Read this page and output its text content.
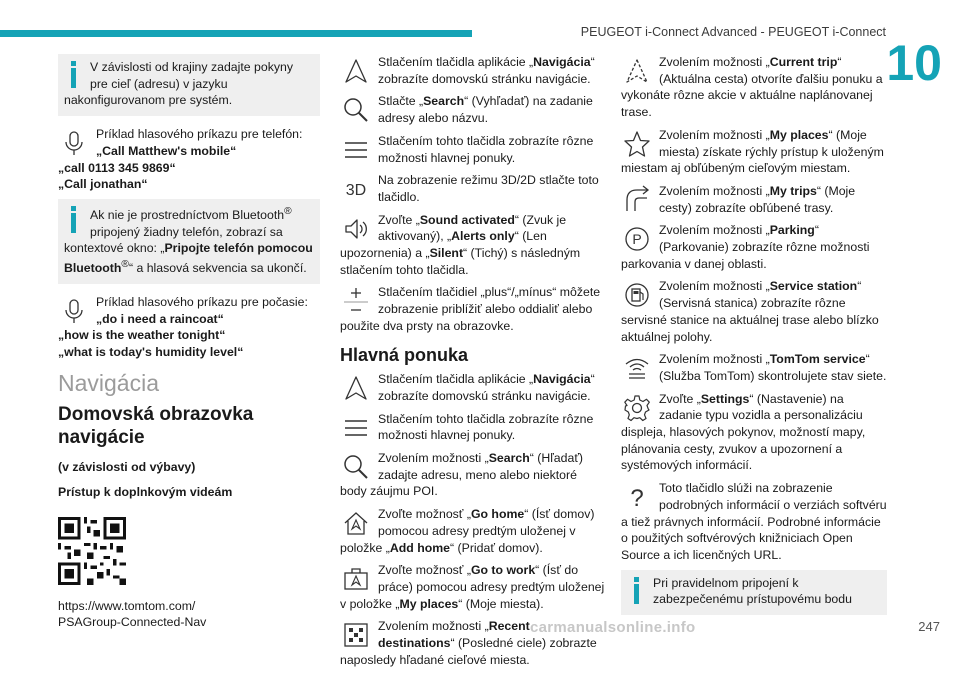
PEUGEOT i-Connect Advanced - PEUGEOT i-Connect
10
V závislosti od krajiny zadajte pokyny pre cieľ (adresu) v jazyku nakonfigurovanom pre systém.
Príklad hlasového príkazu pre telefón:
„Call Matthew's mobile“
„call 0113 345 9869“
„Call jonathan“
Ak nie je prostredníctvom Bluetooth® pripojený žiadny telefón, zobrazí sa kontextové okno: „Pripojte telefón pomocou Bluetooth®“ a hlasová sekvencia sa ukončí.
Príklad hlasového príkazu pre počasie:
„do i need a raincoat“
„how is the weather tonight“
„what is today's humidity level“
Navigácia
Domovská obrazovka navigácie
(v závislosti od výbavy)
Prístup k doplnkovým videám
https://www.tomtom.com/
PSAGroup-Connected-Nav
Stlačením tlačidla aplikácie „Navigácia“ zobrazíte domovskú stránku navigácie.
Stlačte „Search“ (Vyhľadať) na zadanie adresy alebo názvu.
Stlačením tohto tlačidla zobrazíte rôzne možnosti hlavnej ponuky.
3D
Na zobrazenie režimu 3D/2D stlačte toto tlačidlo.
Zvoľte „Sound activated“ (Zvuk je aktivovaný), „Alerts only“ (Len upozornenia) a „Silent“ (Tichý) s následným stlačením tohto tlačidla.
Stlačením tlačidiel „plus“/„mínus“ môžete zobrazenie priblížiť alebo oddialiť alebo použite dva prsty na obrazovke.
Hlavná ponuka
Stlačením tlačidla aplikácie „Navigácia“ zobrazíte domovskú stránku navigácie.
Stlačením tohto tlačidla zobrazíte rôzne možnosti hlavnej ponuky.
Zvolením možnosti „Search“ (Hľadať) zadajte adresu, meno alebo niektoré body záujmu POI.
Zvoľte možnosť „Go home“ (Ísť domov) pomocou adresy predtým uloženej v položke „Add home“ (Pridať domov).
Zvoľte možnosť „Go to work“ (Ísť do práce) pomocou adresy predtým uloženej v položke „My places“ (Moje miesta).
Zvolením možnosti „Recent destinations“ (Posledné ciele) zobrazte naposledy hľadané cieľové miesta.
Zvolením možnosti „Current trip“ (Aktuálna cesta) otvoríte ďalšiu ponuku a vykonáte rôzne akcie v aktuálne naplánovanej trase.
Zvolením možnosti „My places“ (Moje miesta) získate rýchly prístup k uloženým miestam aj obľúbeným cieľovým miestam.
Zvolením možnosti „My trips“ (Moje cesty) zobrazíte obľúbené trasy.
P
Zvolením možnosti „Parking“ (Parkovanie) zobrazíte rôzne možnosti parkovania v danej oblasti.
Zvolením možnosti „Service station“ (Servisná stanica) zobrazíte rôzne servisné stanice na aktuálnej trase alebo blízko aktuálnej polohy.
Zvolením možnosti „TomTom service“ (Služba TomTom) skontrolujete stav siete.
Zvoľte „Settings“ (Nastavenie) na zadanie typu vozidla a personalizáciu displeja, hlasových pokynov, možností mapy, plánovania cesty, zvukov a upozornení a systémových informácií.
? Toto tlačidlo slúži na zobrazenie podrobných informácií o verziách softvéru a tiež právnych informácií. Podrobné informácie o použitých softvérových knižniciach Open Source a ich licenčných URL.
Pri pravidelnom pripojení k zabezpečenému prístupovému bodu
carmanualsonline.info	247
